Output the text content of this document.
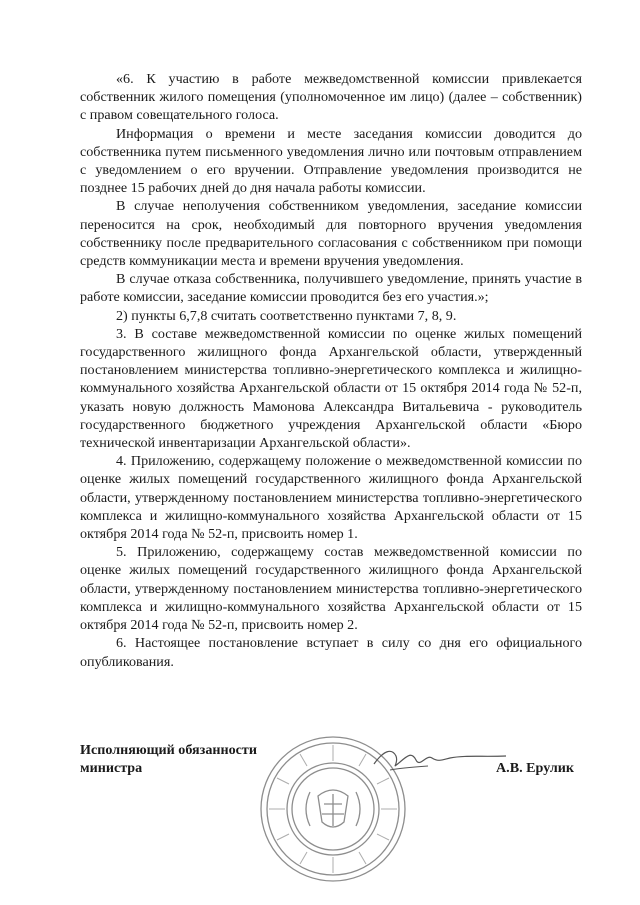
«6. К участию в работе межведомственной комиссии привлекается собственник жилого помещения (уполномоченное им лицо) (далее – собственник) с правом совещательного голоса.

Информация о времени и месте заседания комиссии доводится до собственника путем письменного уведомления лично или почтовым отправлением с уведомлением о его вручении. Отправление уведомления производится не позднее 15 рабочих дней до дня начала работы комиссии.

В случае неполучения собственником уведомления, заседание комиссии переносится на срок, необходимый для повторного вручения уведомления собственнику после предварительного согласования с собственником при помощи средств коммуникации места и времени вручения уведомления.

В случае отказа собственника, получившего уведомление, принять участие в работе комиссии, заседание комиссии проводится без его участия.»;

2) пункты 6,7,8 считать соответственно пунктами 7, 8, 9.

3. В составе межведомственной комиссии по оценке жилых помещений государственного жилищного фонда Архангельской области, утвержденный постановлением министерства топливно-энергетического комплекса и жилищно-коммунального хозяйства Архангельской области от 15 октября 2014 года № 52-п, указать новую должность Мамонова Александра Витальевича - руководитель государственного бюджетного учреждения Архангельской области «Бюро технической инвентаризации Архангельской области».

4. Приложению, содержащему положение о межведомственной комиссии по оценке жилых помещений государственного жилищного фонда Архангельской области, утвержденному постановлением министерства топливно-энергетического комплекса и жилищно-коммунального хозяйства Архангельской области от 15 октября 2014 года № 52-п, присвоить номер 1.

5. Приложению, содержащему состав межведомственной комиссии по оценке жилых помещений государственного жилищного фонда Архангельской области, утвержденному постановлением министерства топливно-энергетического комплекса и жилищно-коммунального хозяйства Архангельской области от 15 октября 2014 года № 52-п, присвоить номер 2.

6. Настоящее постановление вступает в силу со дня его официального опубликования.

Исполняющий обязанности
министра	А.В. Ерулик
